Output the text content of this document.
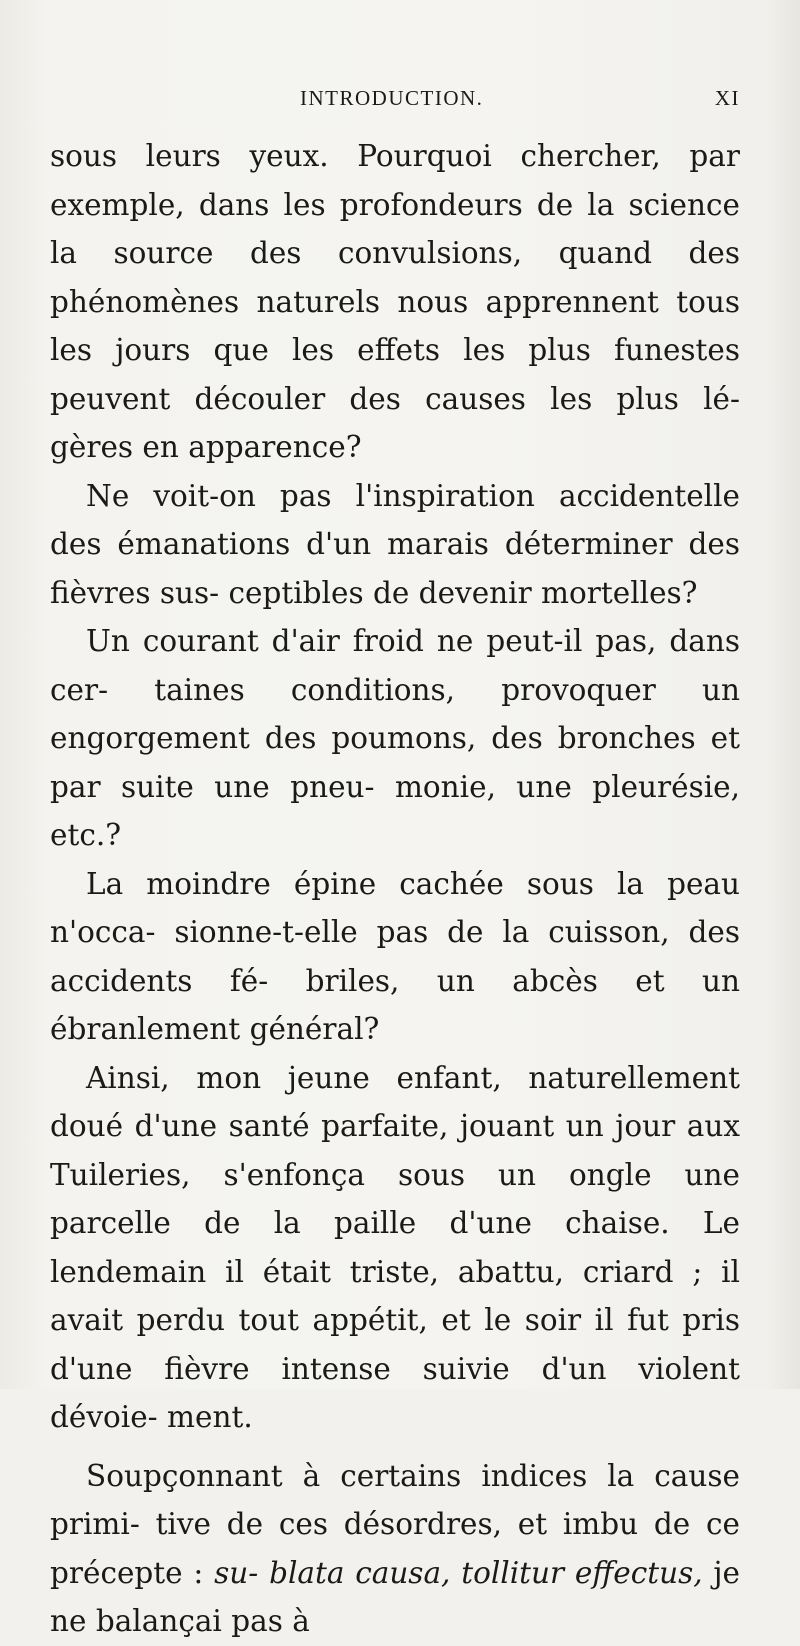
INTRODUCTION.	XI

sous leurs yeux. Pourquoi chercher, par exemple, dans les profondeurs de la science la source des convulsions, quand des phénomènes naturels nous apprennent tous les jours que les effets les plus funestes peuvent découler des causes les plus lé- gères en apparence?

Ne voit-on pas l'inspiration accidentelle des émanations d'un marais déterminer des fièvres sus- ceptibles de devenir mortelles?

Un courant d'air froid ne peut-il pas, dans cer- taines conditions, provoquer un engorgement des poumons, des bronches et par suite une pneu- monie, une pleurésie, etc.?

La moindre épine cachée sous la peau n'occa- sionne-t-elle pas de la cuisson, des accidents fé- briles, un abcès et un ébranlement général?

Ainsi, mon jeune enfant, naturellement doué d'une santé parfaite, jouant un jour aux Tuileries, s'enfonça sous un ongle une parcelle de la paille d'une chaise. Le lendemain il était triste, abattu, criard ; il avait perdu tout appétit, et le soir il fut pris d'une fièvre intense suivie d'un violent dévoie- ment.

Soupçonnant à certains indices la cause primi- tive de ces désordres, et imbu de ce précepte : su- blata causa, tollitur effectus, je ne balançai pas à
